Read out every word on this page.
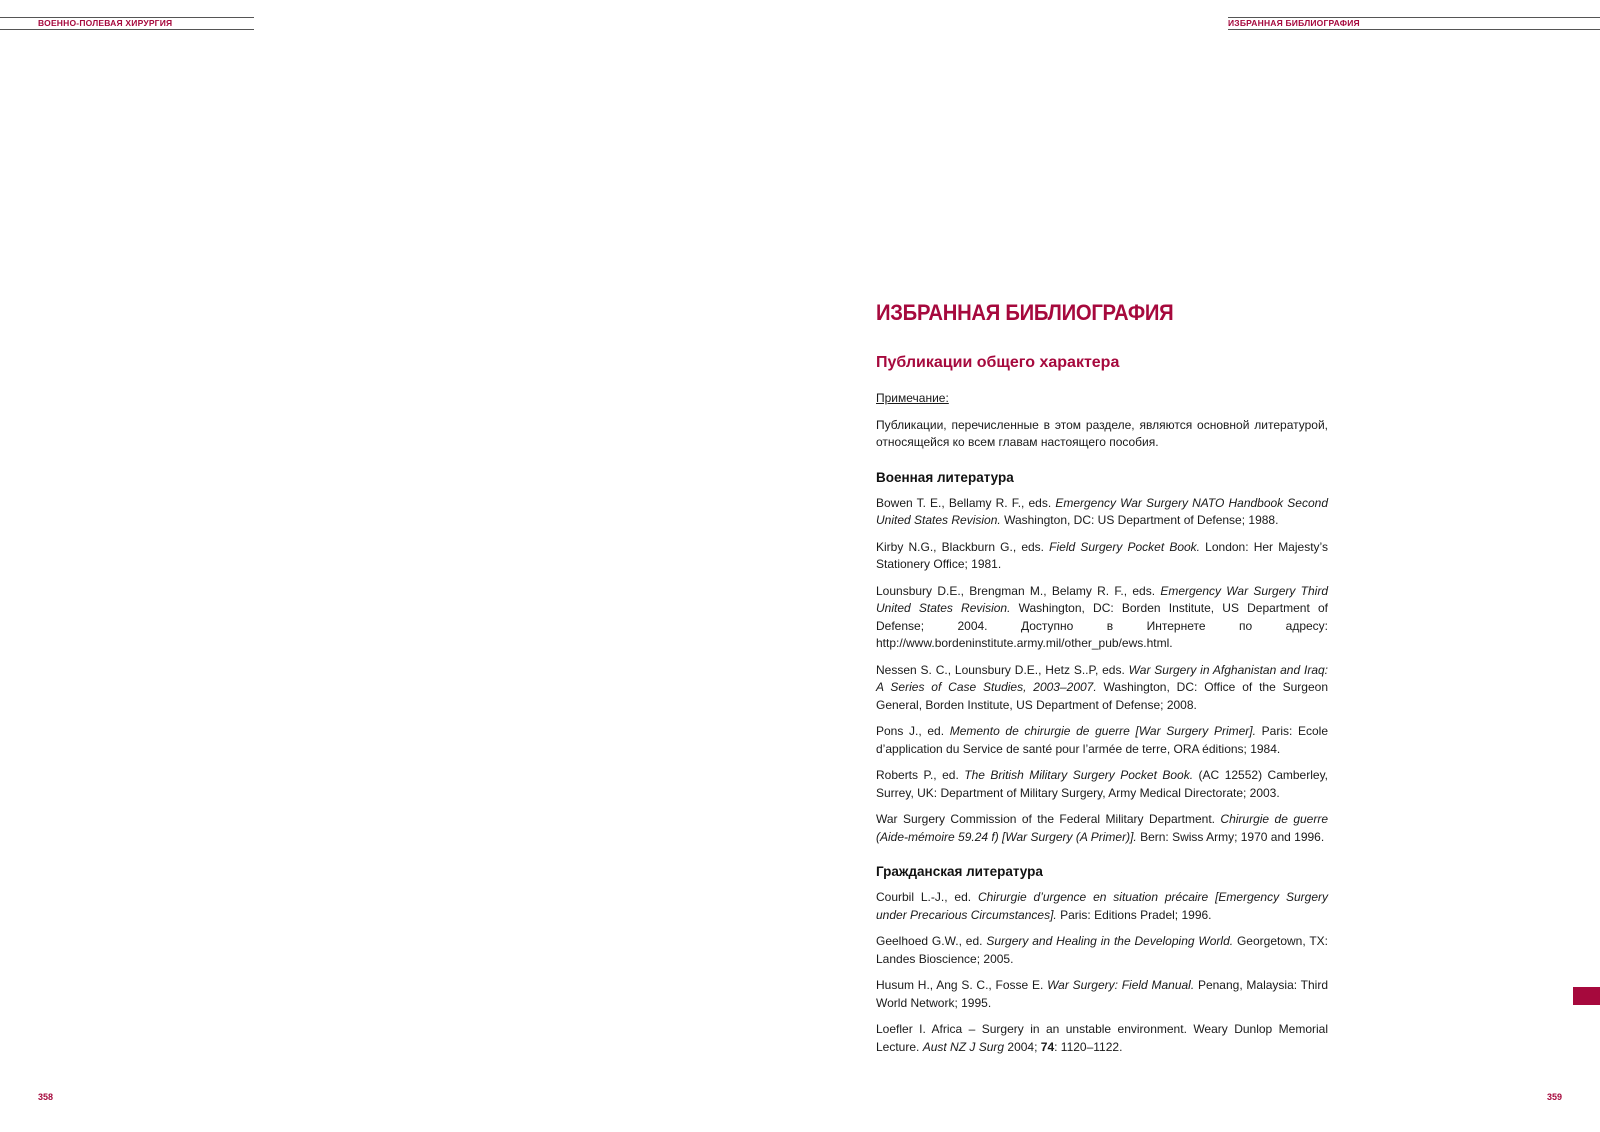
ВОЕННО-ПОЛЕВАЯ ХИРУРГИЯ
358
ИЗБРАННАЯ БИБЛИОГРАФИЯ
ИЗБРАННАЯ БИБЛИОГРАФИЯ
Публикации общего характера

Примечание:

Публикации, перечисленные в этом разделе, являются основной литературой, относящейся ко всем главам настоящего пособия.

Военная литература
Bowen T. E., Bellamy R. F., eds. Emergency War Surgery NATO Handbook Second United States Revision. Washington, DC: US Department of Defense; 1988.
Kirby N.G., Blackburn G., eds. Field Surgery Pocket Book. London: Her Majesty’s Stationery Office; 1981.
Lounsbury D.E., Brengman M., Belamy R. F., eds. Emergency War Surgery Third United States Revision. Washington, DC: Borden Institute, US Department of Defense; 2004. Доступно в Интернете по адресу: http://www.bordeninstitute.army.mil/other_pub/ews.html.
Nessen S. C., Lounsbury D.E., Hetz S..P, eds. War Surgery in Afghanistan and Iraq: A Series of Case Studies, 2003–2007. Washington, DC: Office of the Surgeon General, Borden Institute, US Department of Defense; 2008.
Pons J., ed. Memento de chirurgie de guerre [War Surgery Primer]. Paris: Ecole d’application du Service de santé pour l’armée de terre, ORA éditions; 1984.
Roberts P., ed. The British Military Surgery Pocket Book. (AC 12552) Camberley, Surrey, UK: Department of Military Surgery, Army Medical Directorate; 2003.
War Surgery Commission of the Federal Military Department. Chirurgie de guerre (Aide-mémoire 59.24 f) [War Surgery (A Primer)]. Bern: Swiss Army; 1970 and 1996.
Гражданская литература
Courbil L.-J., ed. Chirurgie d’urgence en situation précaire [Emergency Surgery under Precarious Circumstances]. Paris: Editions Pradel; 1996.
Geelhoed G.W., ed. Surgery and Healing in the Developing World. Georgetown, TX: Landes Bioscience; 2005.
Husum H., Ang S. C., Fosse E. War Surgery: Field Manual. Penang, Malaysia: Third World Network; 1995.
Loefler I. Africa – Surgery in an unstable environment. Weary Dunlop Memorial Lecture. Aust NZ J Surg 2004; 74: 1120–1122.
359
